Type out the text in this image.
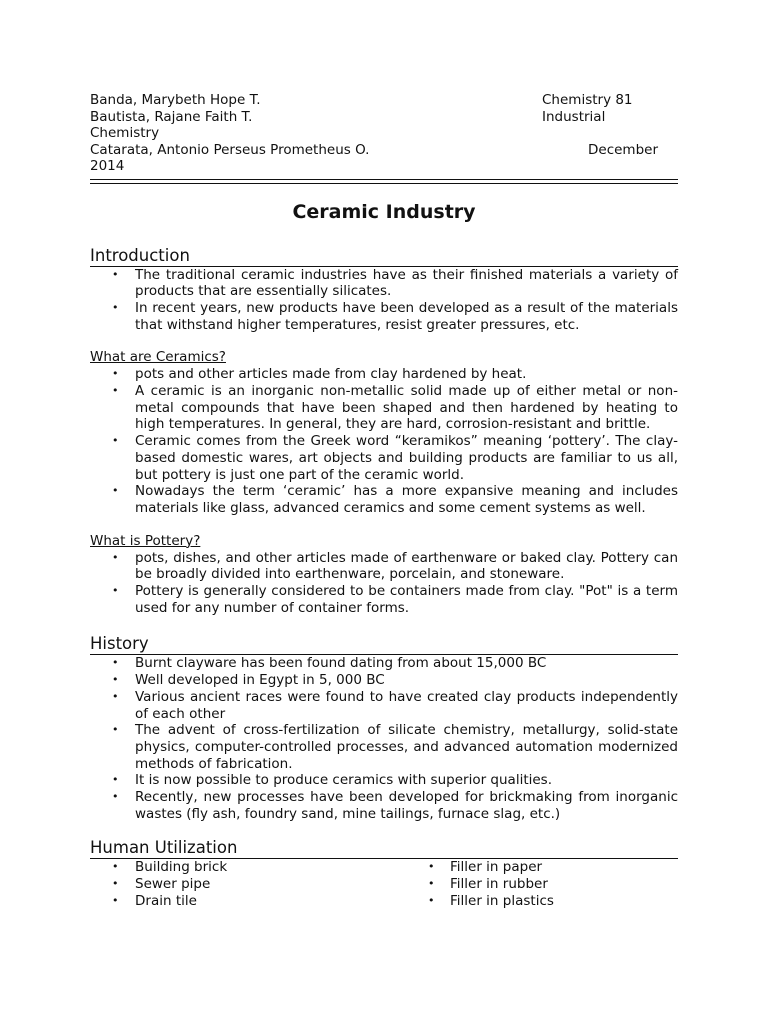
Banda, Marybeth Hope T.	Chemistry 81
Bautista, Rajane Faith T.	Industrial
Chemistry
Catarata, Antonio Perseus Prometheus O.	December
2014
Ceramic Industry
Introduction
• The traditional ceramic industries have as their finished materials a variety of products that are essentially silicates.
• In recent years, new products have been developed as a result of the materials that withstand higher temperatures, resist greater pressures, etc.
What are Ceramics?
• pots and other articles made from clay hardened by heat.
• A ceramic is an inorganic non-metallic solid made up of either metal or non-metal compounds that have been shaped and then hardened by heating to high temperatures. In general, they are hard, corrosion-resistant and brittle.
• Ceramic comes from the Greek word “keramikos” meaning ‘pottery’. The clay-based domestic wares, art objects and building products are familiar to us all, but pottery is just one part of the ceramic world.
• Nowadays the term ‘ceramic’ has a more expansive meaning and includes materials like glass, advanced ceramics and some cement systems as well.
What is Pottery?
• pots, dishes, and other articles made of earthenware or baked clay. Pottery can be broadly divided into earthenware, porcelain, and stoneware.
• Pottery is generally considered to be containers made from clay. "Pot" is a term used for any number of container forms.
History
• Burnt clayware has been found dating from about 15,000 BC
• Well developed in Egypt in 5, 000 BC
• Various ancient races were found to have created clay products independently of each other
• The advent of cross-fertilization of silicate chemistry, metallurgy, solid-state physics, computer-controlled processes, and advanced automation modernized methods of fabrication.
• It is now possible to produce ceramics with superior qualities.
• Recently, new processes have been developed for brickmaking from inorganic wastes (fly ash, foundry sand, mine tailings, furnace slag, etc.)
Human Utilization
• Building brick
• Sewer pipe
• Drain tile
• Filler in paper
• Filler in rubber
• Filler in plastics
